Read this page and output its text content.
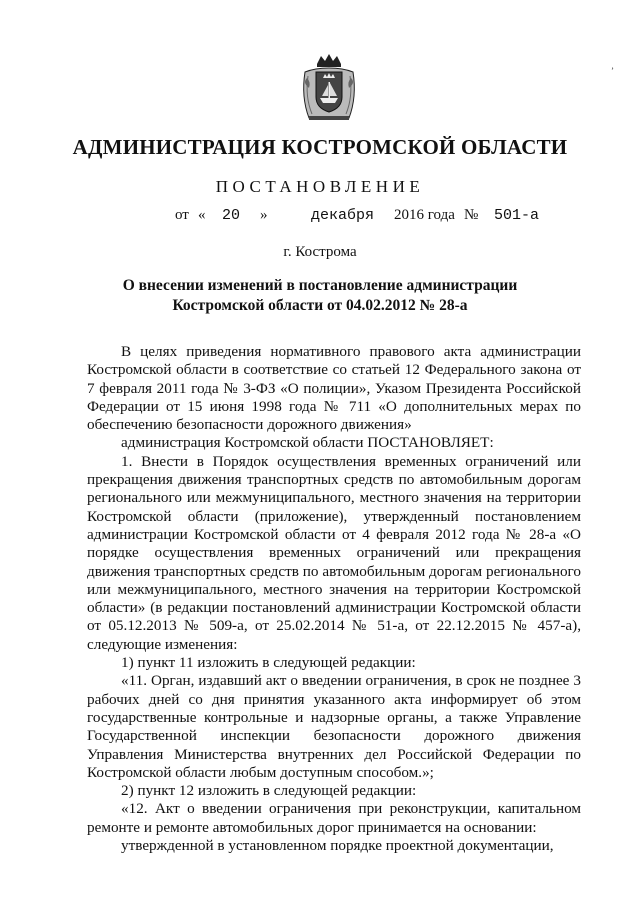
ʼ
АДМИНИСТРАЦИЯ КОСТРОМСКОЙ ОБЛАСТИ
ПОСТАНОВЛЕНИЕ
от « 20 »	декабря 2016 года № 501-а
г. Кострома
О внесении изменений в постановление администрации
Костромской области от 04.02.2012 № 28-а

В целях приведения нормативного правового акта администрации Костромской области в соответствие со статьей 12 Федерального закона от 7 февраля 2011 года № 3-ФЗ «О полиции», Указом Президента Российской Федерации от 15 июня 1998 года № 711 «О дополнительных мерах по обеспечению безопасности дорожного движения»

администрация Костромской области ПОСТАНОВЛЯЕТ:

1. Внести в Порядок осуществления временных ограничений или прекращения движения транспортных средств по автомобильным дорогам регионального или межмуниципального, местного значения на территории Костромской области (приложение), утвержденный постановлением администрации Костромской области от 4 февраля 2012 года № 28-а «О порядке осуществления временных ограничений или прекращения движения транспортных средств по автомобильным дорогам регионального или межмуниципального, местного значения на территории Костромской области» (в редакции постановлений администрации Костромской области от 05.12.2013 № 509-а, от 25.02.2014 № 51-а, от 22.12.2015 № 457-а), следующие изменения:

1) пункт 11 изложить в следующей редакции:

«11. Орган, издавший акт о введении ограничения, в срок не позднее 3 рабочих дней со дня принятия указанного акта информирует об этом государственные контрольные и надзорные органы, а также Управление Государственной инспекции безопасности дорожного движения Управления Министерства внутренних дел Российской Федерации по Костромской области любым доступным способом.»;

2) пункт 12 изложить в следующей редакции:

«12. Акт о введении ограничения при реконструкции, капитальном ремонте и ремонте автомобильных дорог принимается на основании:

утвержденной в установленном порядке проектной документации,
